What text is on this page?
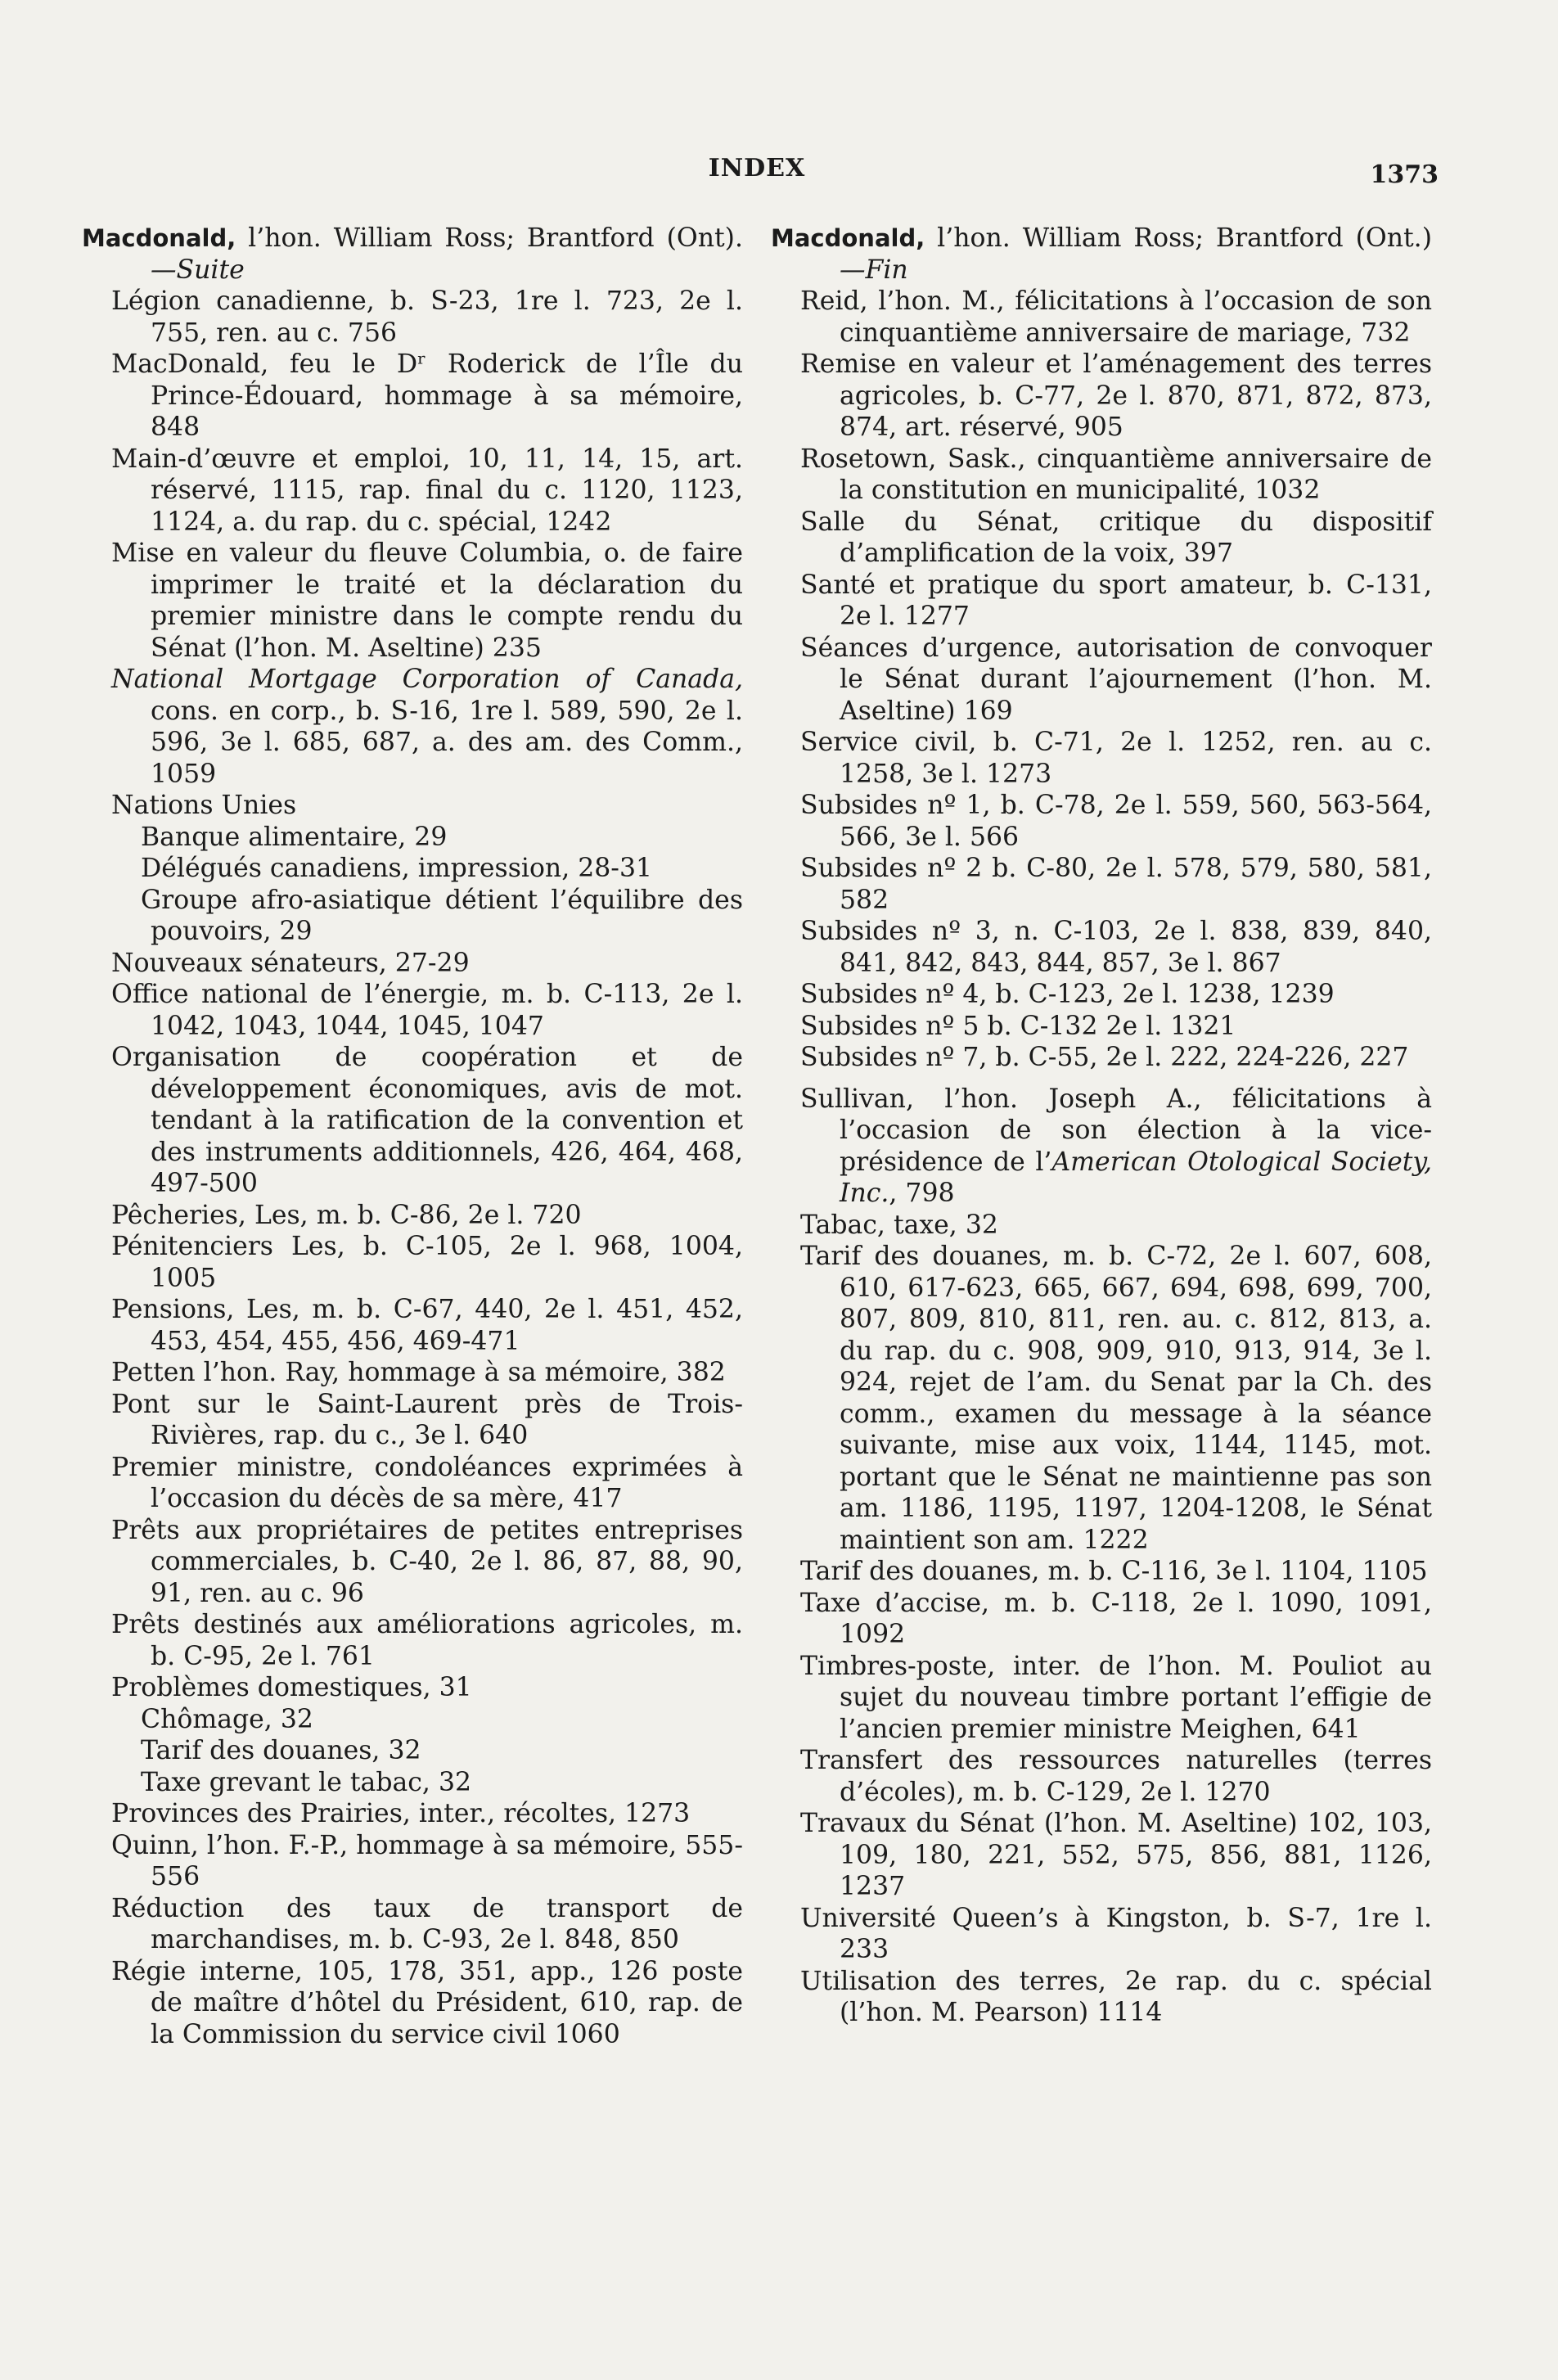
INDEX	1373
Macdonald, l’hon. William Ross; Brantford (Ont).—Suite
Légion canadienne, b. S-23, 1re l. 723, 2e l. 755, ren. au c. 756
MacDonald, feu le Dʳ Roderick de l’Île du Prince-Édouard, hommage à sa mémoire, 848
Main-d’œuvre et emploi, 10, 11, 14, 15, art. réservé, 1115, rap. final du c. 1120, 1123, 1124, a. du rap. du c. spécial, 1242
Mise en valeur du fleuve Columbia, o. de faire imprimer le traité et la déclaration du premier ministre dans le compte rendu du Sénat (l’hon. M. Aseltine) 235
National Mortgage Corporation of Canada, cons. en corp., b. S-16, 1re l. 589, 590, 2e l. 596, 3e l. 685, 687, a. des am. des Comm., 1059
Nations Unies
Banque alimentaire, 29
Délégués canadiens, impression, 28-31
Groupe afro-asiatique détient l’équilibre des pouvoirs, 29
Nouveaux sénateurs, 27-29
Office national de l’énergie, m. b. C-113, 2e l. 1042, 1043, 1044, 1045, 1047
Organisation de coopération et de développement économiques, avis de mot. tendant à la ratification de la convention et des instruments additionnels, 426, 464, 468, 497-500
Pêcheries, Les, m. b. C-86, 2e l. 720
Pénitenciers Les, b. C-105, 2e l. 968, 1004, 1005
Pensions, Les, m. b. C-67, 440, 2e l. 451, 452, 453, 454, 455, 456, 469-471
Petten l’hon. Ray, hommage à sa mémoire, 382
Pont sur le Saint-Laurent près de Trois-Rivières, rap. du c., 3e l. 640
Premier ministre, condoléances exprimées à l’occasion du décès de sa mère, 417
Prêts aux propriétaires de petites entreprises commerciales, b. C-40, 2e l. 86, 87, 88, 90, 91, ren. au c. 96
Prêts destinés aux améliorations agricoles, m. b. C-95, 2e l. 761
Problèmes domestiques, 31
Chômage, 32
Tarif des douanes, 32
Taxe grevant le tabac, 32
Provinces des Prairies, inter., récoltes, 1273
Quinn, l’hon. F.-P., hommage à sa mémoire, 555-556
Réduction des taux de transport de marchandises, m. b. C-93, 2e l. 848, 850
Régie interne, 105, 178, 351, app., 126 poste de maître d’hôtel du Président, 610, rap. de la Commission du service civil 1060
Macdonald, l’hon. William Ross; Brantford (Ont.)—Fin
Reid, l’hon. M., félicitations à l’occasion de son cinquantième anniversaire de mariage, 732
Remise en valeur et l’aménagement des terres agricoles, b. C-77, 2e l. 870, 871, 872, 873, 874, art. réservé, 905
Rosetown, Sask., cinquantième anniversaire de la constitution en municipalité, 1032
Salle du Sénat, critique du dispositif d’amplification de la voix, 397
Santé et pratique du sport amateur, b. C-131, 2e l. 1277
Séances d’urgence, autorisation de convoquer le Sénat durant l’ajournement (l’hon. M. Aseltine) 169
Service civil, b. C-71, 2e l. 1252, ren. au c. 1258, 3e l. 1273
Subsides nº 1, b. C-78, 2e l. 559, 560, 563-564, 566, 3e l. 566
Subsides nº 2 b. C-80, 2e l. 578, 579, 580, 581, 582
Subsides nº 3, n. C-103, 2e l. 838, 839, 840, 841, 842, 843, 844, 857, 3e l. 867
Subsides nº 4, b. C-123, 2e l. 1238, 1239
Subsides nº 5 b. C-132 2e l. 1321
Subsides nº 7, b. C-55, 2e l. 222, 224-226, 227
Sullivan, l’hon. Joseph A., félicitations à l’occasion de son élection à la vice-présidence de l’American Otological Society, Inc., 798
Tabac, taxe, 32
Tarif des douanes, m. b. C-72, 2e l. 607, 608, 610, 617-623, 665, 667, 694, 698, 699, 700, 807, 809, 810, 811, ren. au. c. 812, 813, a. du rap. du c. 908, 909, 910, 913, 914, 3e l. 924, rejet de l’am. du Senat par la Ch. des comm., examen du message à la séance suivante, mise aux voix, 1144, 1145, mot. portant que le Sénat ne maintienne pas son am. 1186, 1195, 1197, 1204-1208, le Sénat maintient son am. 1222
Tarif des douanes, m. b. C-116, 3e l. 1104, 1105
Taxe d’accise, m. b. C-118, 2e l. 1090, 1091, 1092
Timbres-poste, inter. de l’hon. M. Pouliot au sujet du nouveau timbre portant l’effigie de l’ancien premier ministre Meighen, 641
Transfert des ressources naturelles (terres d’écoles), m. b. C-129, 2e l. 1270
Travaux du Sénat (l’hon. M. Aseltine) 102, 103, 109, 180, 221, 552, 575, 856, 881, 1126, 1237
Université Queen’s à Kingston, b. S-7, 1re l. 233
Utilisation des terres, 2e rap. du c. spécial (l’hon. M. Pearson) 1114
